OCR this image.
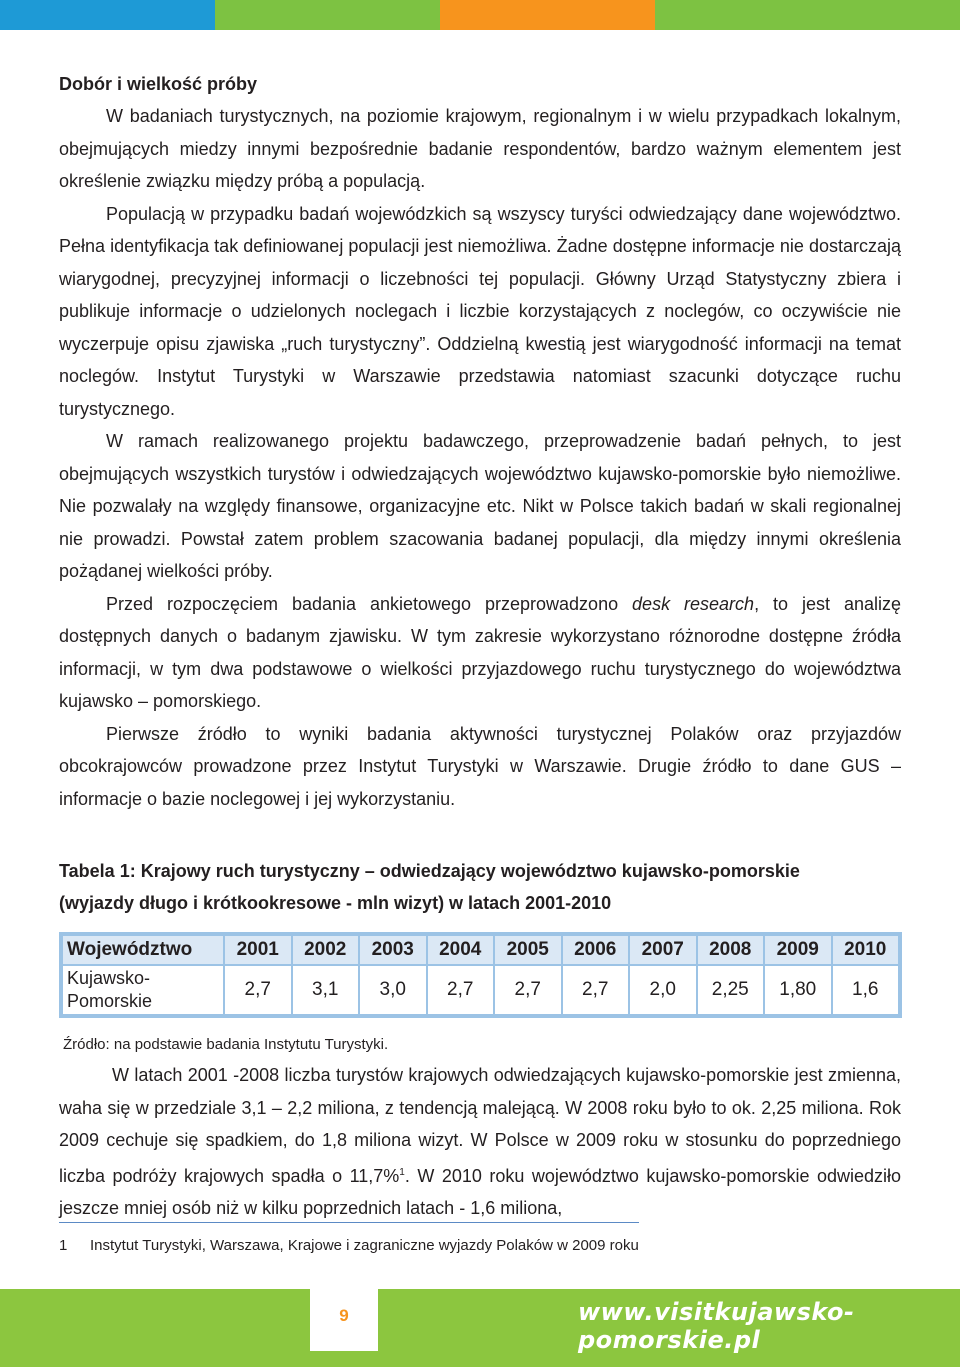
Dobór i wielkość próby

W badaniach turystycznych, na poziomie krajowym, regionalnym i w wielu przypadkach lokalnym, obejmujących miedzy innymi bezpośrednie badanie respondentów, bardzo ważnym elementem jest określenie związku między próbą a populacją.

Populacją w przypadku badań wojewódzkich są wszyscy turyści odwiedzający dane województwo. Pełna identyfikacja tak definiowanej populacji jest niemożliwa. Żadne dostępne informacje nie dostarczają wiarygodnej, precyzyjnej informacji o liczebności tej populacji. Główny Urząd Statystyczny zbiera i publikuje informacje o udzielonych noclegach i liczbie korzystających z noclegów, co oczywiście nie wyczerpuje opisu zjawiska „ruch turystyczny”. Oddzielną kwestią jest wiarygodność informacji na temat noclegów. Instytut Turystyki w Warszawie przedstawia natomiast szacunki dotyczące ruchu turystycznego.

W ramach realizowanego projektu badawczego, przeprowadzenie badań pełnych, to jest obejmujących wszystkich turystów i odwiedzających województwo kujawsko-pomorskie było niemożliwe. Nie pozwalały na względy finansowe, organizacyjne etc. Nikt w Polsce takich badań w skali regionalnej nie prowadzi. Powstał zatem problem szacowania badanej populacji, dla między innymi określenia pożądanej wielkości próby.

Przed rozpoczęciem badania ankietowego przeprowadzono desk research, to jest analizę dostępnych danych o badanym zjawisku. W tym zakresie wykorzystano różnorodne dostępne źródła informacji, w tym dwa podstawowe o wielkości przyjazdowego ruchu turystycznego do województwa kujawsko – pomorskiego.

Pierwsze źródło to wyniki badania aktywności turystycznej Polaków oraz przyjazdów obcokrajowców prowadzone przez Instytut Turystyki w Warszawie. Drugie źródło to dane GUS – informacje o bazie noclegowej i jej wykorzystaniu.

Tabela 1: Krajowy ruch turystyczny – odwiedzający województwo kujawsko-pomorskie
(wyjazdy długo i krótkookresowe - mln wizyt) w latach 2001-2010
Województwo	2001	2002	2003	2004	2005	2006	2007	2008	2009	2010

Kujawsko-
Pomorskie	2,7	3,1	3,0	2,7	2,7	2,7	2,0	2,25	1,80	1,6
Źródło: na podstawie badania Instytutu Turystyki.

W latach 2001 -2008 liczba turystów krajowych odwiedzających kujawsko-pomorskie jest zmienna, waha się w przedziale 3,1 – 2,2 miliona, z tendencją malejącą. W 2008 roku było to ok. 2,25 miliona. Rok 2009 cechuje się spadkiem, do 1,8 miliona wizyt. W Polsce w 2009 roku w stosunku do poprzedniego liczba podróży krajowych spadła o 11,7%$^1$. W 2010 roku województwo kujawsko-pomorskie odwiedziło jeszcze mniej osób niż w kilku poprzednich latach - 1,6 miliona,

1 Instytut Turystyki, Warszawa, Krajowe i zagraniczne wyjazdy Polaków w 2009 roku
9	www.visitkujawsko-pomorskie.pl
